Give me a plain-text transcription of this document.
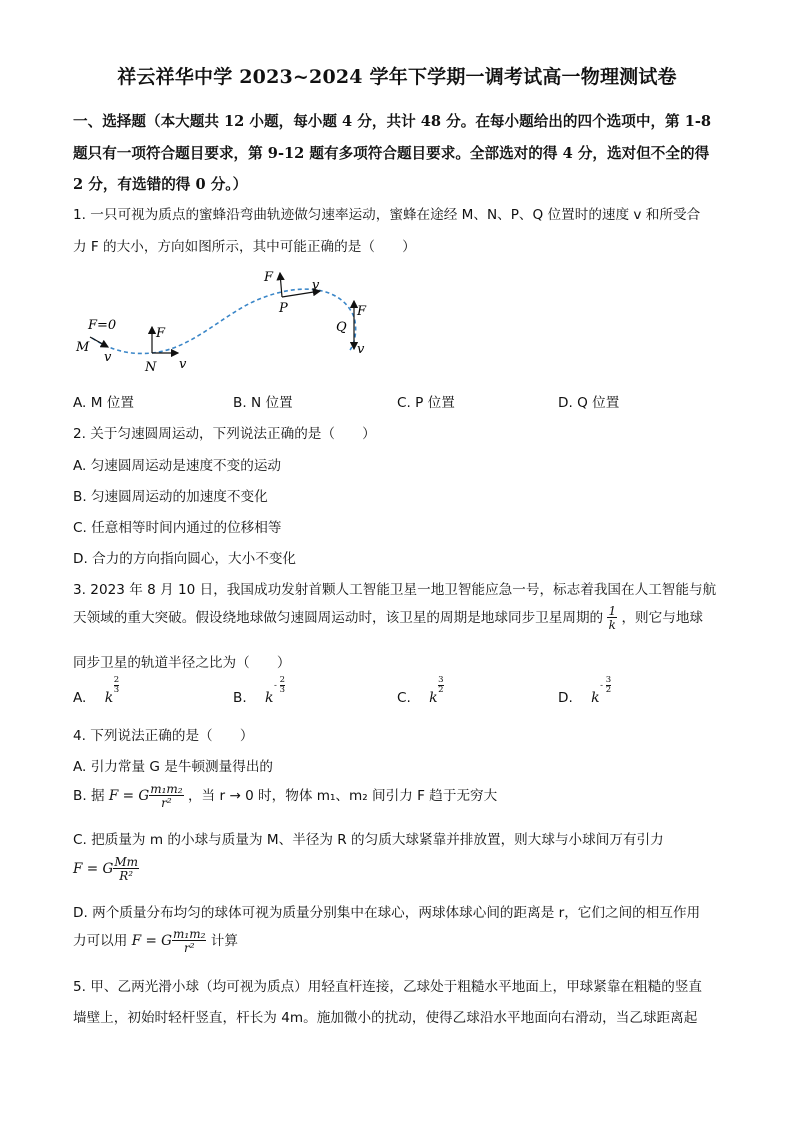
祥云祥华中学 2023~2024 学年下学期一调考试高一物理测试卷
一、选择题（本大题共 12 小题，每小题 4 分，共计 48 分。在每小题给出的四个选项中，第 1-8 题只有一项符合题目要求，第 9-12 题有多项符合题目要求。全部选对的得 4 分，选对但不全的得 2 分，有选错的得 0 分。）
1. 一只可视为质点的蜜蜂沿弯曲轨迹做匀速率运动，蜜蜂在途经 M、N、P、Q 位置时的速度 v 和所受合
力 F 的大小，方向如图所示，其中可能正确的是（　　）
F=0
M
v
F
N v
F
P
v
Q
F
v
A. M 位置	B. N 位置	C. P 位置	D. Q 位置
2. 关于匀速圆周运动，下列说法正确的是（　　）
A. 匀速圆周运动是速度不变的运动
B. 匀速圆周运动的加速度不变化
C. 任意相等时间内通过的位移相等
D. 合力的方向指向圆心，大小不变化
3. 2023 年 8 月 10 日，我国成功发射首颗人工智能卫星一地卫智能应急一号，标志着我国在人工智能与航
天领域的重大突破。假设绕地球做匀速圆周运动时，该卫星的周期是地球同步卫星周期的 $\frac{1}{k}$ ，则它与地球
同步卫星的轨道半径之比为（　　）
A. k
$\frac{2}{3}$
B. k
- $\frac{2}{3}$
C. k
$\frac{3}{2}$
D. k
- $\frac{3}{2}$
4. 下列说法正确的是（　　）
A. 引力常量 G 是牛顿测量得出的
B. 据 F = G $\frac{\text{m₁m₂}}{\text{r²}}$ ，当 r → 0 时，物体 m₁、m₂ 间引力 F 趋于无穷大
C. 把质量为 m 的小球与质量为 M、半径为 R 的匀质大球紧靠并排放置，则大球与小球间万有引力
F = G $\frac{Mm}{\text{R²}}$
D. 两个质量分布均匀的球体可视为质量分别集中在球心，两球体球心间的距离是 r，它们之间的相互作用
力可以用 F = G $\frac{\text{m₁m₂}}{\text{r²}}$ 计算
5. 甲、乙两光滑小球（均可视为质点）用轻直杆连接，乙球处于粗糙水平地面上，甲球紧靠在粗糙的竖直
墙壁上，初始时轻杆竖直，杆长为 4m。施加微小的扰动，使得乙球沿水平地面向右滑动，当乙球距离起
